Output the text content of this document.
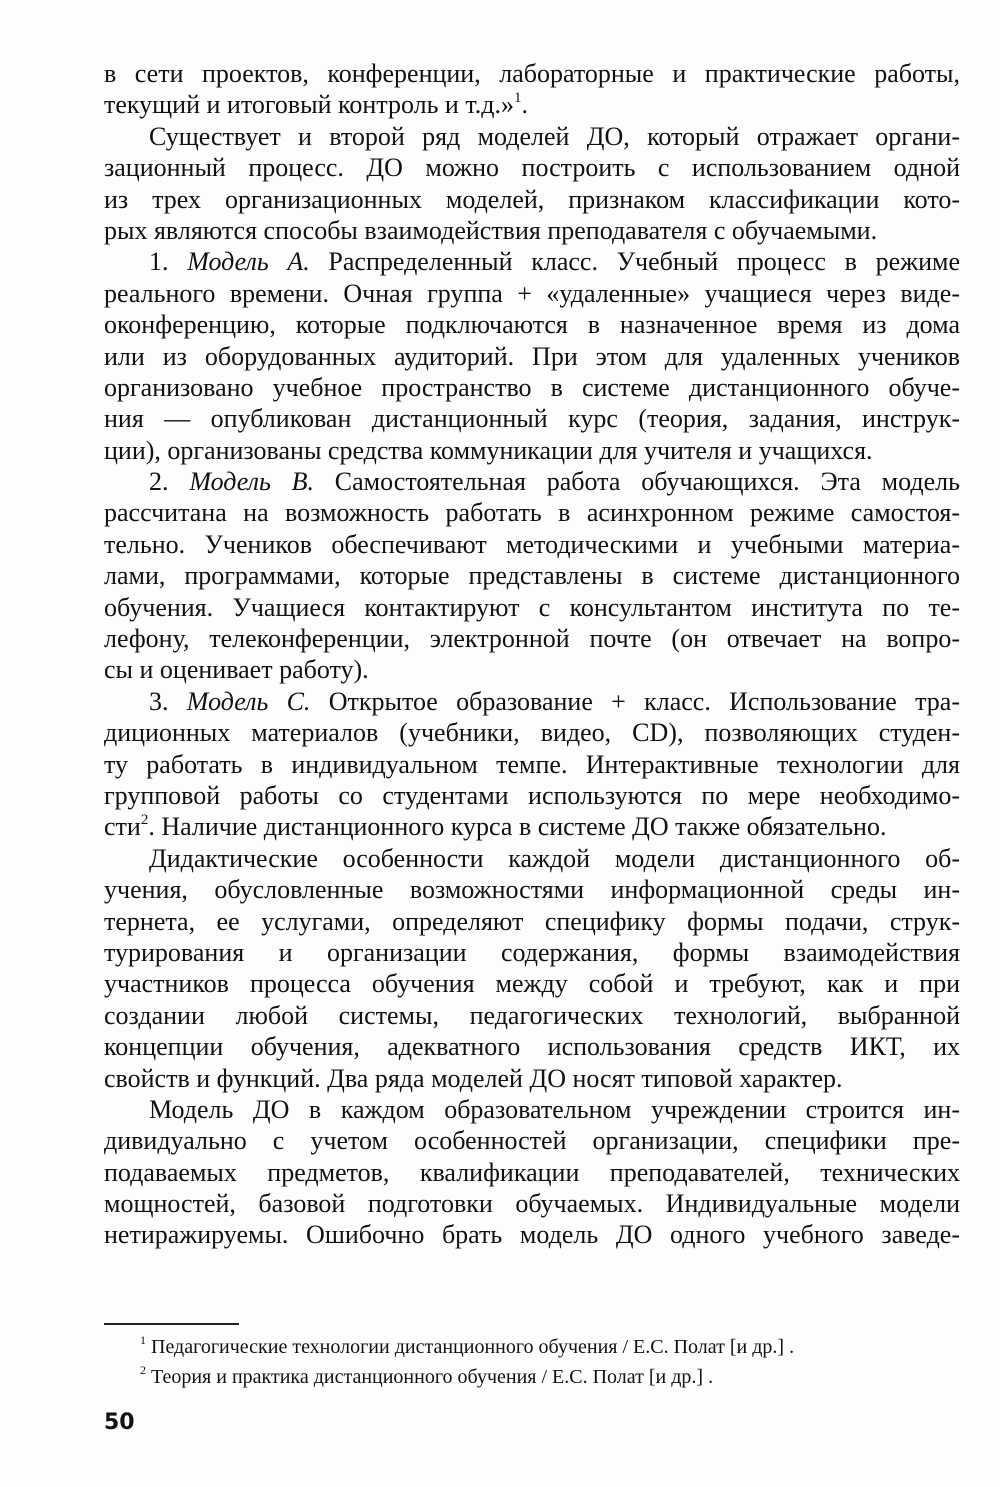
в сети проектов, конференции, лабораторные и практические работы,
текущий и итоговый контроль и т.д.»$^1$.
Существует и второй ряд моделей ДО, который отражает органи-
зационный процесс. ДО можно построить с использованием одной
из трех организационных моделей, признаком классификации кото-
рых являются способы взаимодействия преподавателя с обучаемыми.
1. Модель А. Распределенный класс. Учебный процесс в режиме
реального времени. Очная группа + «удаленные» учащиеся через виде-
оконференцию, которые подключаются в назначенное время из дома
или из оборудованных аудиторий. При этом для удаленных учеников
организовано учебное пространство в системе дистанционного обуче-
ния — опубликован дистанционный курс (теория, задания, инструк-
ции), организованы средства коммуникации для учителя и учащихся.
2. Модель В. Самостоятельная работа обучающихся. Эта модель
рассчитана на возможность работать в асинхронном режиме самостоя-
тельно. Учеников обеспечивают методическими и учебными материа-
лами, программами, которые представлены в системе дистанционного
обучения. Учащиеся контактируют с консультантом института по те-
лефону, телеконференции, электронной почте (он отвечает на вопро-
сы и оценивает работу).
3. Модель С. Открытое образование + класс. Использование тра-
диционных материалов (учебники, видео, CD), позволяющих студен-
ту работать в индивидуальном темпе. Интерактивные технологии для
групповой работы со студентами используются по мере необходимо-
сти$^2$. Наличие дистанционного курса в системе ДО также обязательно.
Дидактические особенности каждой модели дистанционного об-
учения, обусловленные возможностями информационной среды ин-
тернета, ее услугами, определяют специфику формы подачи, струк-
турирования и организации содержания, формы взаимодействия
участников процесса обучения между собой и требуют, как и при
создании любой системы, педагогических технологий, выбранной
концепции обучения, адекватного использования средств ИКТ, их
свойств и функций. Два ряда моделей ДО носят типовой характер.
Модель ДО в каждом образовательном учреждении строится ин-
дивидуально с учетом особенностей организации, специфики пре-
подаваемых предметов, квалификации преподавателей, технических
мощностей, базовой подготовки обучаемых. Индивидуальные модели
нетиражируемы. Ошибочно брать модель ДО одного учебного заведе-
$^1$ Педагогические технологии дистанционного обучения / Е.С. Полат [и др.] .
$^2$ Теория и практика дистанционного обучения / Е.С. Полат [и др.] .
50
